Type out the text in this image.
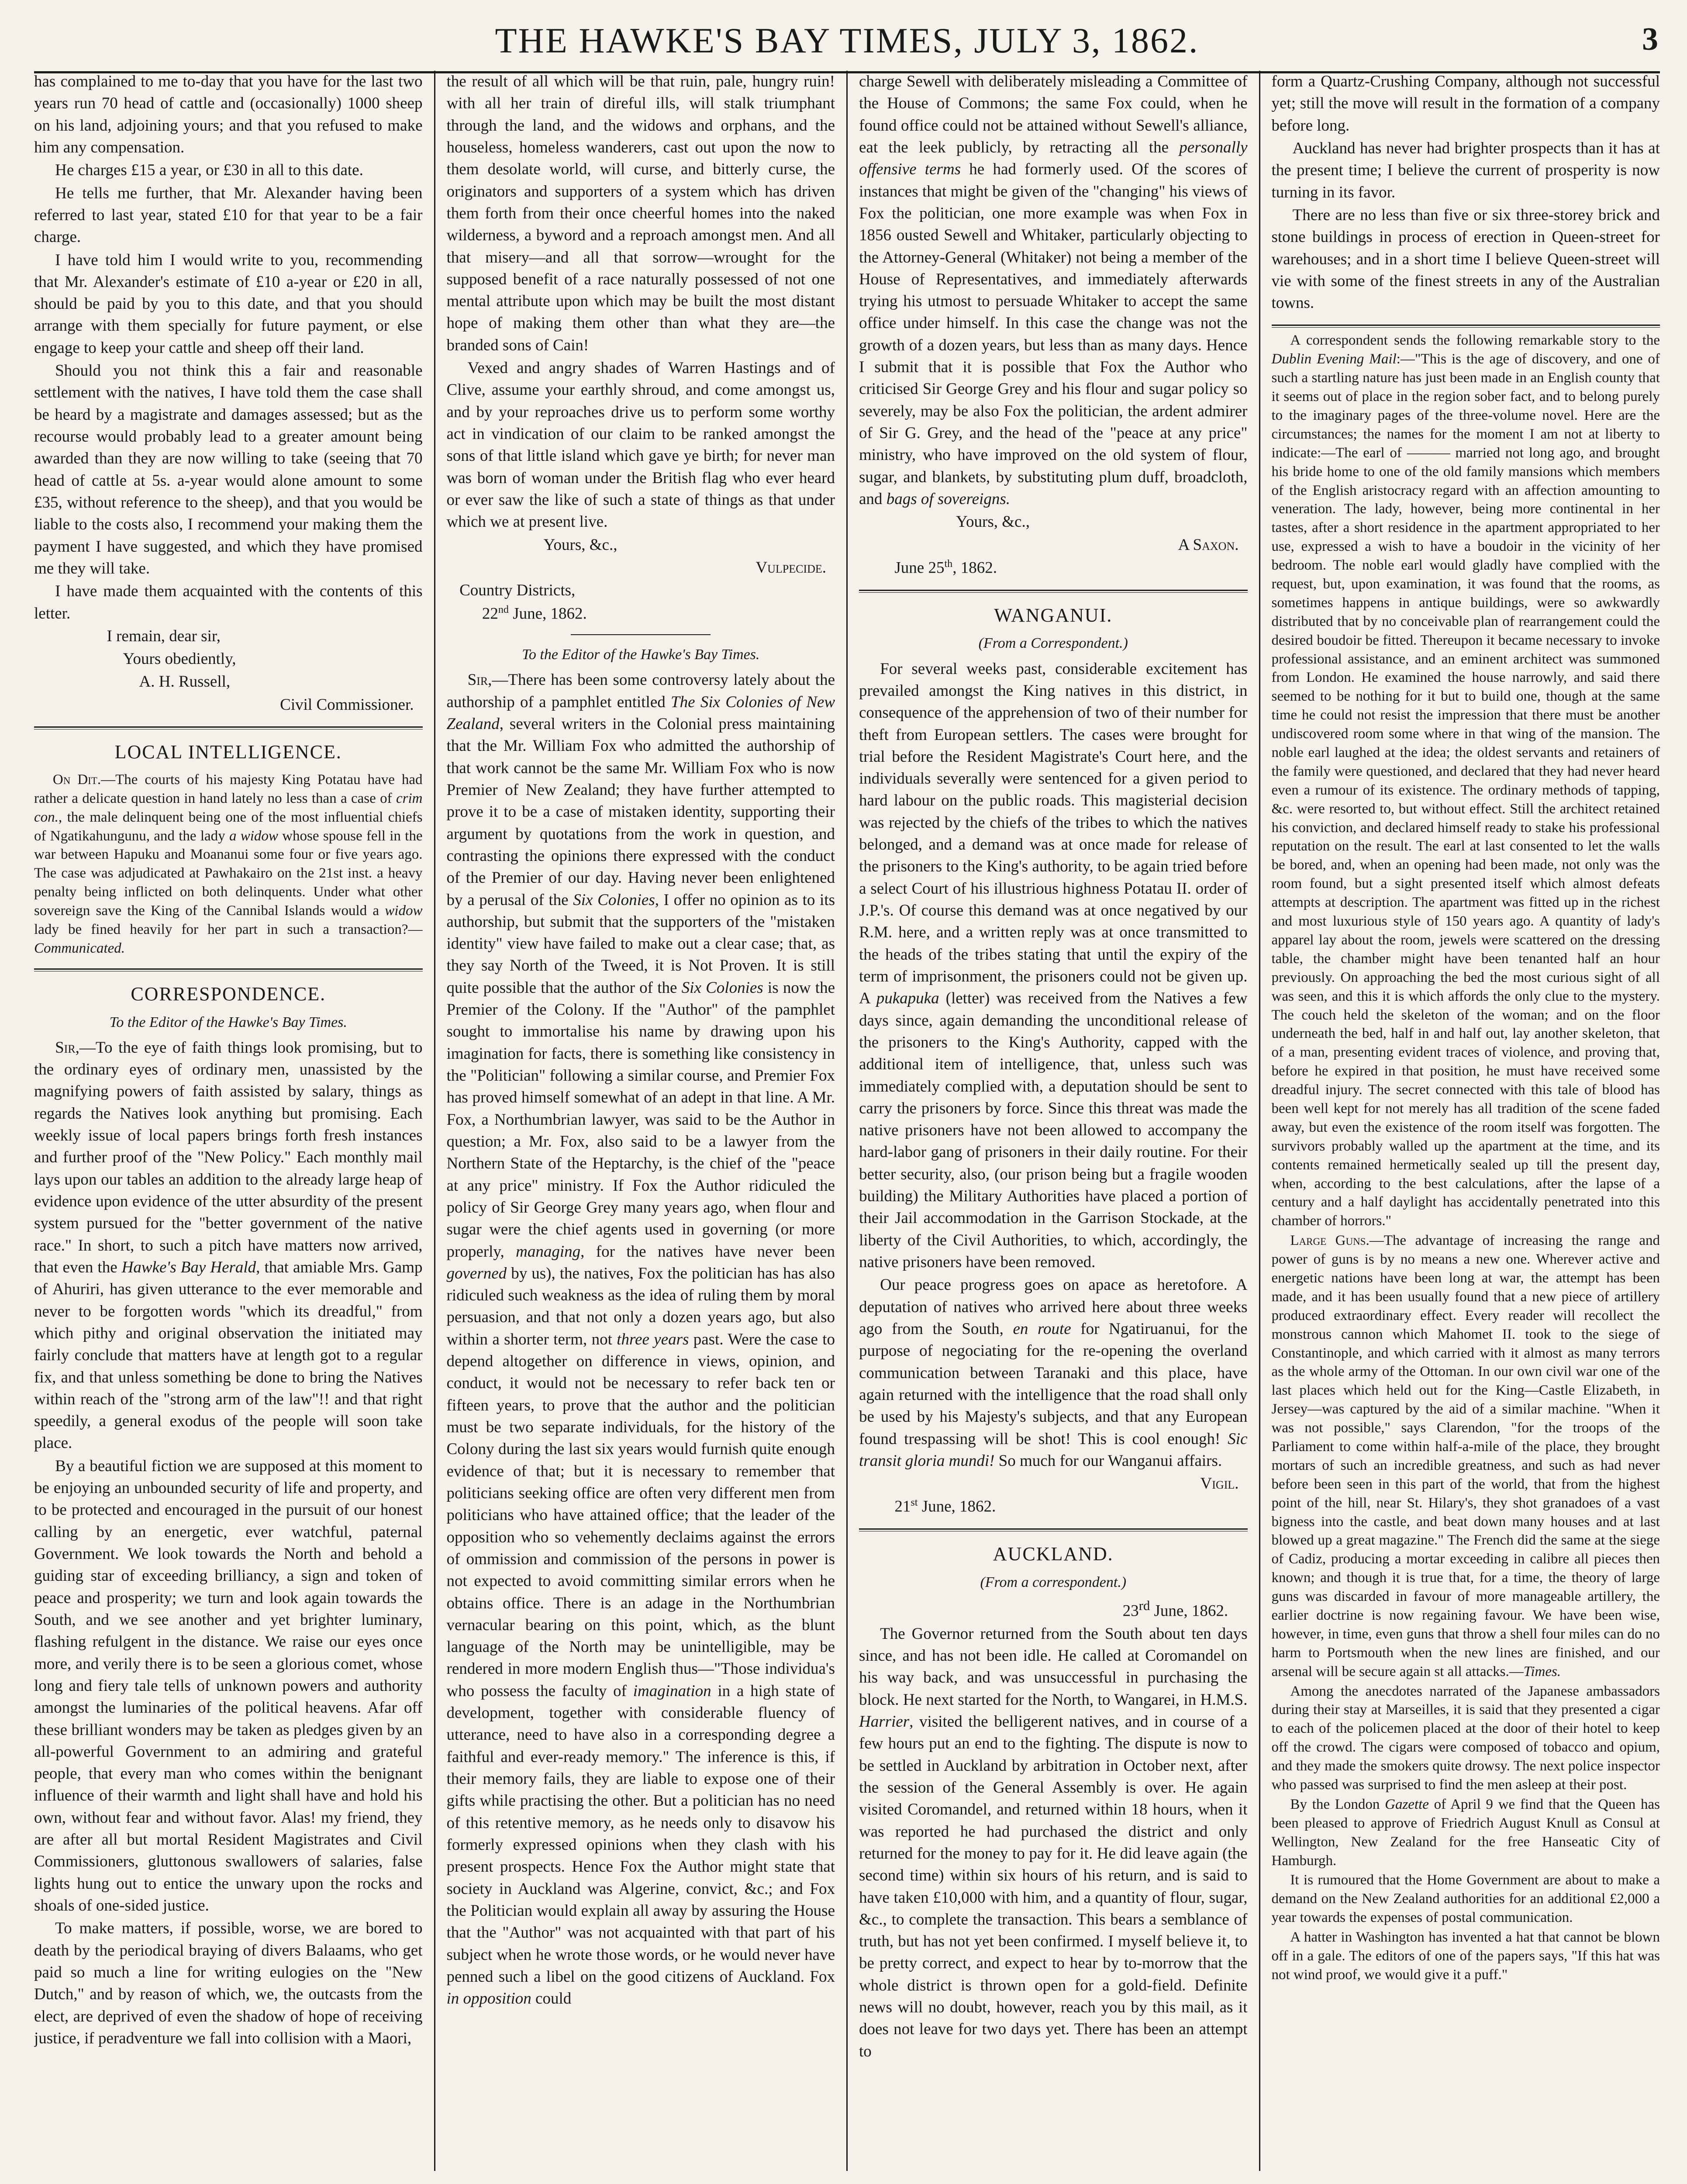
THE HAWKE'S BAY TIMES, JULY 3, 1862.	3

has complained to me to-day that you have for the last two years run 70 head of cattle and (occasionally) 1000 sheep on his land, adjoining yours; and that you refused to make him any compensation.

He charges £15 a year, or £30 in all to this date.

He tells me further, that Mr. Alexander having been referred to last year, stated £10 for that year to be a fair charge.

I have told him I would write to you, recommending that Mr. Alexander's estimate of £10 a-year or £20 in all, should be paid by you to this date, and that you should arrange with them specially for future payment, or else engage to keep your cattle and sheep off their land.

Should you not think this a fair and reasonable settlement with the natives, I have told them the case shall be heard by a magistrate and damages assessed; but as the recourse would probably lead to a greater amount being awarded than they are now willing to take (seeing that 70 head of cattle at 5s. a-year would alone amount to some £35, without reference to the sheep), and that you would be liable to the costs also, I recommend your making them the payment I have suggested, and which they have promised me they will take.

I have made them acquainted with the contents of this letter.

I remain, dear sir,

Yours obediently,

A. H. Russell,

Civil Commissioner.

LOCAL INTELLIGENCE.

On Dit.—The courts of his majesty King Potatau have had rather a delicate question in hand lately no less than a case of crim con., the male delinquent being one of the most influential chiefs of Ngatikahungunu, and the lady a widow whose spouse fell in the war between Hapuku and Moananui some four or five years ago. The case was adjudicated at Pawhakairo on the 21st inst. a heavy penalty being inflicted on both delinquents. Under what other sovereign save the King of the Cannibal Islands would a widow lady be fined heavily for her part in such a transaction?—Communicated.

CORRESPONDENCE.
To the Editor of the Hawke's Bay Times.

Sir,—To the eye of faith things look promising, but to the ordinary eyes of ordinary men, unassisted by the magnifying powers of faith assisted by salary, things as regards the Natives look anything but promising. Each weekly issue of local papers brings forth fresh instances and further proof of the "New Policy." Each monthly mail lays upon our tables an addition to the already large heap of evidence upon evidence of the utter absurdity of the present system pursued for the "better government of the native race." In short, to such a pitch have matters now arrived, that even the Hawke's Bay Herald, that amiable Mrs. Gamp of Ahuriri, has given utterance to the ever memorable and never to be forgotten words "which its dreadful," from which pithy and original observation the initiated may fairly conclude that matters have at length got to a regular fix, and that unless something be done to bring the Natives within reach of the "strong arm of the law"!! and that right speedily, a general exodus of the people will soon take place.

By a beautiful fiction we are supposed at this moment to be enjoying an unbounded security of life and property, and to be protected and encouraged in the pursuit of our honest calling by an energetic, ever watchful, paternal Government. We look towards the North and behold a guiding star of exceeding brilliancy, a sign and token of peace and prosperity; we turn and look again towards the South, and we see another and yet brighter luminary, flashing refulgent in the distance. We raise our eyes once more, and verily there is to be seen a glorious comet, whose long and fiery tale tells of unknown powers and authority amongst the luminaries of the political heavens. Afar off these brilliant wonders may be taken as pledges given by an all-powerful Government to an admiring and grateful people, that every man who comes within the benignant influence of their warmth and light shall have and hold his own, without fear and without favor. Alas! my friend, they are after all but mortal Resident Magistrates and Civil Commissioners, gluttonous swallowers of salaries, false lights hung out to entice the unwary upon the rocks and shoals of one-sided justice.

To make matters, if possible, worse, we are bored to death by the periodical braying of divers Balaams, who get paid so much a line for writing eulogies on the "New Dutch," and by reason of which, we, the outcasts from the elect, are deprived of even the shadow of hope of receiving justice, if peradventure we fall into collision with a Maori,

the result of all which will be that ruin, pale, hungry ruin! with all her train of direful ills, will stalk triumphant through the land, and the widows and orphans, and the houseless, homeless wanderers, cast out upon the now to them desolate world, will curse, and bitterly curse, the originators and supporters of a system which has driven them forth from their once cheerful homes into the naked wilderness, a byword and a reproach amongst men. And all that misery—and all that sorrow—wrought for the supposed benefit of a race naturally possessed of not one mental attribute upon which may be built the most distant hope of making them other than what they are—the branded sons of Cain!

Vexed and angry shades of Warren Hastings and of Clive, assume your earthly shroud, and come amongst us, and by your reproaches drive us to perform some worthy act in vindication of our claim to be ranked amongst the sons of that little island which gave ye birth; for never man was born of woman under the British flag who ever heard or ever saw the like of such a state of things as that under which we at present live.

Yours, &c.,

Vulpecide.

Country Districts,

22nd June, 1862.

To the Editor of the Hawke's Bay Times.

Sir,—There has been some controversy lately about the authorship of a pamphlet entitled The Six Colonies of New Zealand, several writers in the Colonial press maintaining that the Mr. William Fox who admitted the authorship of that work cannot be the same Mr. William Fox who is now Premier of New Zealand; they have further attempted to prove it to be a case of mistaken identity, supporting their argument by quotations from the work in question, and contrasting the opinions there expressed with the conduct of the Premier of our day. Having never been enlightened by a perusal of the Six Colonies, I offer no opinion as to its authorship, but submit that the supporters of the "mistaken identity" view have failed to make out a clear case; that, as they say North of the Tweed, it is Not Proven. It is still quite possible that the author of the Six Colonies is now the Premier of the Colony. If the "Author" of the pamphlet sought to immortalise his name by drawing upon his imagination for facts, there is something like consistency in the "Politician" following a similar course, and Premier Fox has proved himself somewhat of an adept in that line. A Mr. Fox, a Northumbrian lawyer, was said to be the Author in question; a Mr. Fox, also said to be a lawyer from the Northern State of the Heptarchy, is the chief of the "peace at any price" ministry. If Fox the Author ridiculed the policy of Sir George Grey many years ago, when flour and sugar were the chief agents used in governing (or more properly, managing, for the natives have never been governed by us), the natives, Fox the politician has has also ridiculed such weakness as the idea of ruling them by moral persuasion, and that not only a dozen years ago, but also within a shorter term, not three years past. Were the case to depend altogether on difference in views, opinion, and conduct, it would not be necessary to refer back ten or fifteen years, to prove that the author and the politician must be two separate individuals, for the history of the Colony during the last six years would furnish quite enough evidence of that; but it is necessary to remember that politicians seeking office are often very different men from politicians who have attained office; that the leader of the opposition who so vehemently declaims against the errors of ommission and commission of the persons in power is not expected to avoid committing similar errors when he obtains office. There is an adage in the Northumbrian vernacular bearing on this point, which, as the blunt language of the North may be unintelligible, may be rendered in more modern English thus—"Those individua's who possess the faculty of imagination in a high state of development, together with considerable fluency of utterance, need to have also in a corresponding degree a faithful and ever-ready memory." The inference is this, if their memory fails, they are liable to expose one of their gifts while practising the other. But a politician has no need of this retentive memory, as he needs only to disavow his formerly expressed opinions when they clash with his present prospects. Hence Fox the Author might state that society in Auckland was Algerine, convict, &c.; and Fox the Politician would explain all away by assuring the House that the "Author" was not acquainted with that part of his subject when he wrote those words, or he would never have penned such a libel on the good citizens of Auckland. Fox in opposition could

charge Sewell with deliberately misleading a Committee of the House of Commons; the same Fox could, when he found office could not be attained without Sewell's alliance, eat the leek publicly, by retracting all the personally offensive terms he had formerly used. Of the scores of instances that might be given of the "changing" his views of Fox the politician, one more example was when Fox in 1856 ousted Sewell and Whitaker, particularly objecting to the Attorney-General (Whitaker) not being a member of the House of Representatives, and immediately afterwards trying his utmost to persuade Whitaker to accept the same office under himself. In this case the change was not the growth of a dozen years, but less than as many days. Hence I submit that it is possible that Fox the Author who criticised Sir George Grey and his flour and sugar policy so severely, may be also Fox the politician, the ardent admirer of Sir G. Grey, and the head of the "peace at any price" ministry, who have improved on the old system of flour, sugar, and blankets, by substituting plum duff, broadcloth, and bags of sovereigns.

Yours, &c.,

A Saxon.

June 25th, 1862.

WANGANUI.
(From a Correspondent.)

For several weeks past, considerable excitement has prevailed amongst the King natives in this district, in consequence of the apprehension of two of their number for theft from European settlers. The cases were brought for trial before the Resident Magistrate's Court here, and the individuals severally were sentenced for a given period to hard labour on the public roads. This magisterial decision was rejected by the chiefs of the tribes to which the natives belonged, and a demand was at once made for release of the prisoners to the King's authority, to be again tried before a select Court of his illustrious highness Potatau II. order of J.P.'s. Of course this demand was at once negatived by our R.M. here, and a written reply was at once transmitted to the heads of the tribes stating that until the expiry of the term of imprisonment, the prisoners could not be given up. A pukapuka (letter) was received from the Natives a few days since, again demanding the unconditional release of the prisoners to the King's Authority, capped with the additional item of intelligence, that, unless such was immediately complied with, a deputation should be sent to carry the prisoners by force. Since this threat was made the native prisoners have not been allowed to accompany the hard-labor gang of prisoners in their daily routine. For their better security, also, (our prison being but a fragile wooden building) the Military Authorities have placed a portion of their Jail accommodation in the Garrison Stockade, at the liberty of the Civil Authorities, to which, accordingly, the native prisoners have been removed.

Our peace progress goes on apace as heretofore. A deputation of natives who arrived here about three weeks ago from the South, en route for Ngatiruanui, for the purpose of negociating for the re-opening the overland communication between Taranaki and this place, have again returned with the intelligence that the road shall only be used by his Majesty's subjects, and that any European found trespassing will be shot! This is cool enough! Sic transit gloria mundi! So much for our Wanganui affairs.

Vigil.

21st June, 1862.

AUCKLAND.
(From a correspondent.)

23rd June, 1862.

The Governor returned from the South about ten days since, and has not been idle. He called at Coromandel on his way back, and was unsuccessful in purchasing the block. He next started for the North, to Wangarei, in H.M.S. Harrier, visited the belligerent natives, and in course of a few hours put an end to the fighting. The dispute is now to be settled in Auckland by arbitration in October next, after the session of the General Assembly is over. He again visited Coromandel, and returned within 18 hours, when it was reported he had purchased the district and only returned for the money to pay for it. He did leave again (the second time) within six hours of his return, and is said to have taken £10,000 with him, and a quantity of flour, sugar, &c., to complete the transaction. This bears a semblance of truth, but has not yet been confirmed. I myself believe it, to be pretty correct, and expect to hear by to-morrow that the whole district is thrown open for a gold-field. Definite news will no doubt, however, reach you by this mail, as it does not leave for two days yet. There has been an attempt to

form a Quartz-Crushing Company, although not successful yet; still the move will result in the formation of a company before long.

Auckland has never had brighter prospects than it has at the present time; I believe the current of prosperity is now turning in its favor.

There are no less than five or six three-storey brick and stone buildings in process of erection in Queen-street for warehouses; and in a short time I believe Queen-street will vie with some of the finest streets in any of the Australian towns.

A correspondent sends the following remarkable story to the Dublin Evening Mail:—"This is the age of discovery, and one of such a startling nature has just been made in an English county that it seems out of place in the region sober fact, and to belong purely to the imaginary pages of the three-volume novel. Here are the circumstances; the names for the moment I am not at liberty to indicate:—The earl of ——— married not long ago, and brought his bride home to one of the old family mansions which members of the English aristocracy regard with an affection amounting to veneration. The lady, however, being more continental in her tastes, after a short residence in the apartment appropriated to her use, expressed a wish to have a boudoir in the vicinity of her bedroom. The noble earl would gladly have complied with the request, but, upon examination, it was found that the rooms, as sometimes happens in antique buildings, were so awkwardly distributed that by no conceivable plan of rearrangement could the desired boudoir be fitted. Thereupon it became necessary to invoke professional assistance, and an eminent architect was summoned from London. He examined the house narrowly, and said there seemed to be nothing for it but to build one, though at the same time he could not resist the impression that there must be another undiscovered room some where in that wing of the mansion. The noble earl laughed at the idea; the oldest servants and retainers of the family were questioned, and declared that they had never heard even a rumour of its existence. The ordinary methods of tapping, &c. were resorted to, but without effect. Still the architect retained his conviction, and declared himself ready to stake his professional reputation on the result. The earl at last consented to let the walls be bored, and, when an opening had been made, not only was the room found, but a sight presented itself which almost defeats attempts at description. The apartment was fitted up in the richest and most luxurious style of 150 years ago. A quantity of lady's apparel lay about the room, jewels were scattered on the dressing table, the chamber might have been tenanted half an hour previously. On approaching the bed the most curious sight of all was seen, and this it is which affords the only clue to the mystery. The couch held the skeleton of the woman; and on the floor underneath the bed, half in and half out, lay another skeleton, that of a man, presenting evident traces of violence, and proving that, before he expired in that position, he must have received some dreadful injury. The secret connected with this tale of blood has been well kept for not merely has all tradition of the scene faded away, but even the existence of the room itself was forgotten. The survivors probably walled up the apartment at the time, and its contents remained hermetically sealed up till the present day, when, according to the best calculations, after the lapse of a century and a half daylight has accidentally penetrated into this chamber of horrors."

Large Guns.—The advantage of increasing the range and power of guns is by no means a new one. Wherever active and energetic nations have been long at war, the attempt has been made, and it has been usually found that a new piece of artillery produced extraordinary effect. Every reader will recollect the monstrous cannon which Mahomet II. took to the siege of Constantinople, and which carried with it almost as many terrors as the whole army of the Ottoman. In our own civil war one of the last places which held out for the King—Castle Elizabeth, in Jersey—was captured by the aid of a similar machine. "When it was not possible," says Clarendon, "for the troops of the Parliament to come within half-a-mile of the place, they brought mortars of such an incredible greatness, and such as had never before been seen in this part of the world, that from the highest point of the hill, near St. Hilary's, they shot granadoes of a vast bigness into the castle, and beat down many houses and at last blowed up a great magazine." The French did the same at the siege of Cadiz, producing a mortar exceeding in calibre all pieces then known; and though it is true that, for a time, the theory of large guns was discarded in favour of more manageable artillery, the earlier doctrine is now regaining favour. We have been wise, however, in time, even guns that throw a shell four miles can do no harm to Portsmouth when the new lines are finished, and our arsenal will be secure again st all attacks.—Times.

Among the anecdotes narrated of the Japanese ambassadors during their stay at Marseilles, it is said that they presented a cigar to each of the policemen placed at the door of their hotel to keep off the crowd. The cigars were composed of tobacco and opium, and they made the smokers quite drowsy. The next police inspector who passed was surprised to find the men asleep at their post.

By the London Gazette of April 9 we find that the Queen has been pleased to approve of Friedrich August Knull as Consul at Wellington, New Zealand for the free Hanseatic City of Hamburgh.

It is rumoured that the Home Government are about to make a demand on the New Zealand authorities for an additional £2,000 a year towards the expenses of postal communication.

A hatter in Washington has invented a hat that cannot be blown off in a gale. The editors of one of the papers says, "If this hat was not wind proof, we would give it a puff."
